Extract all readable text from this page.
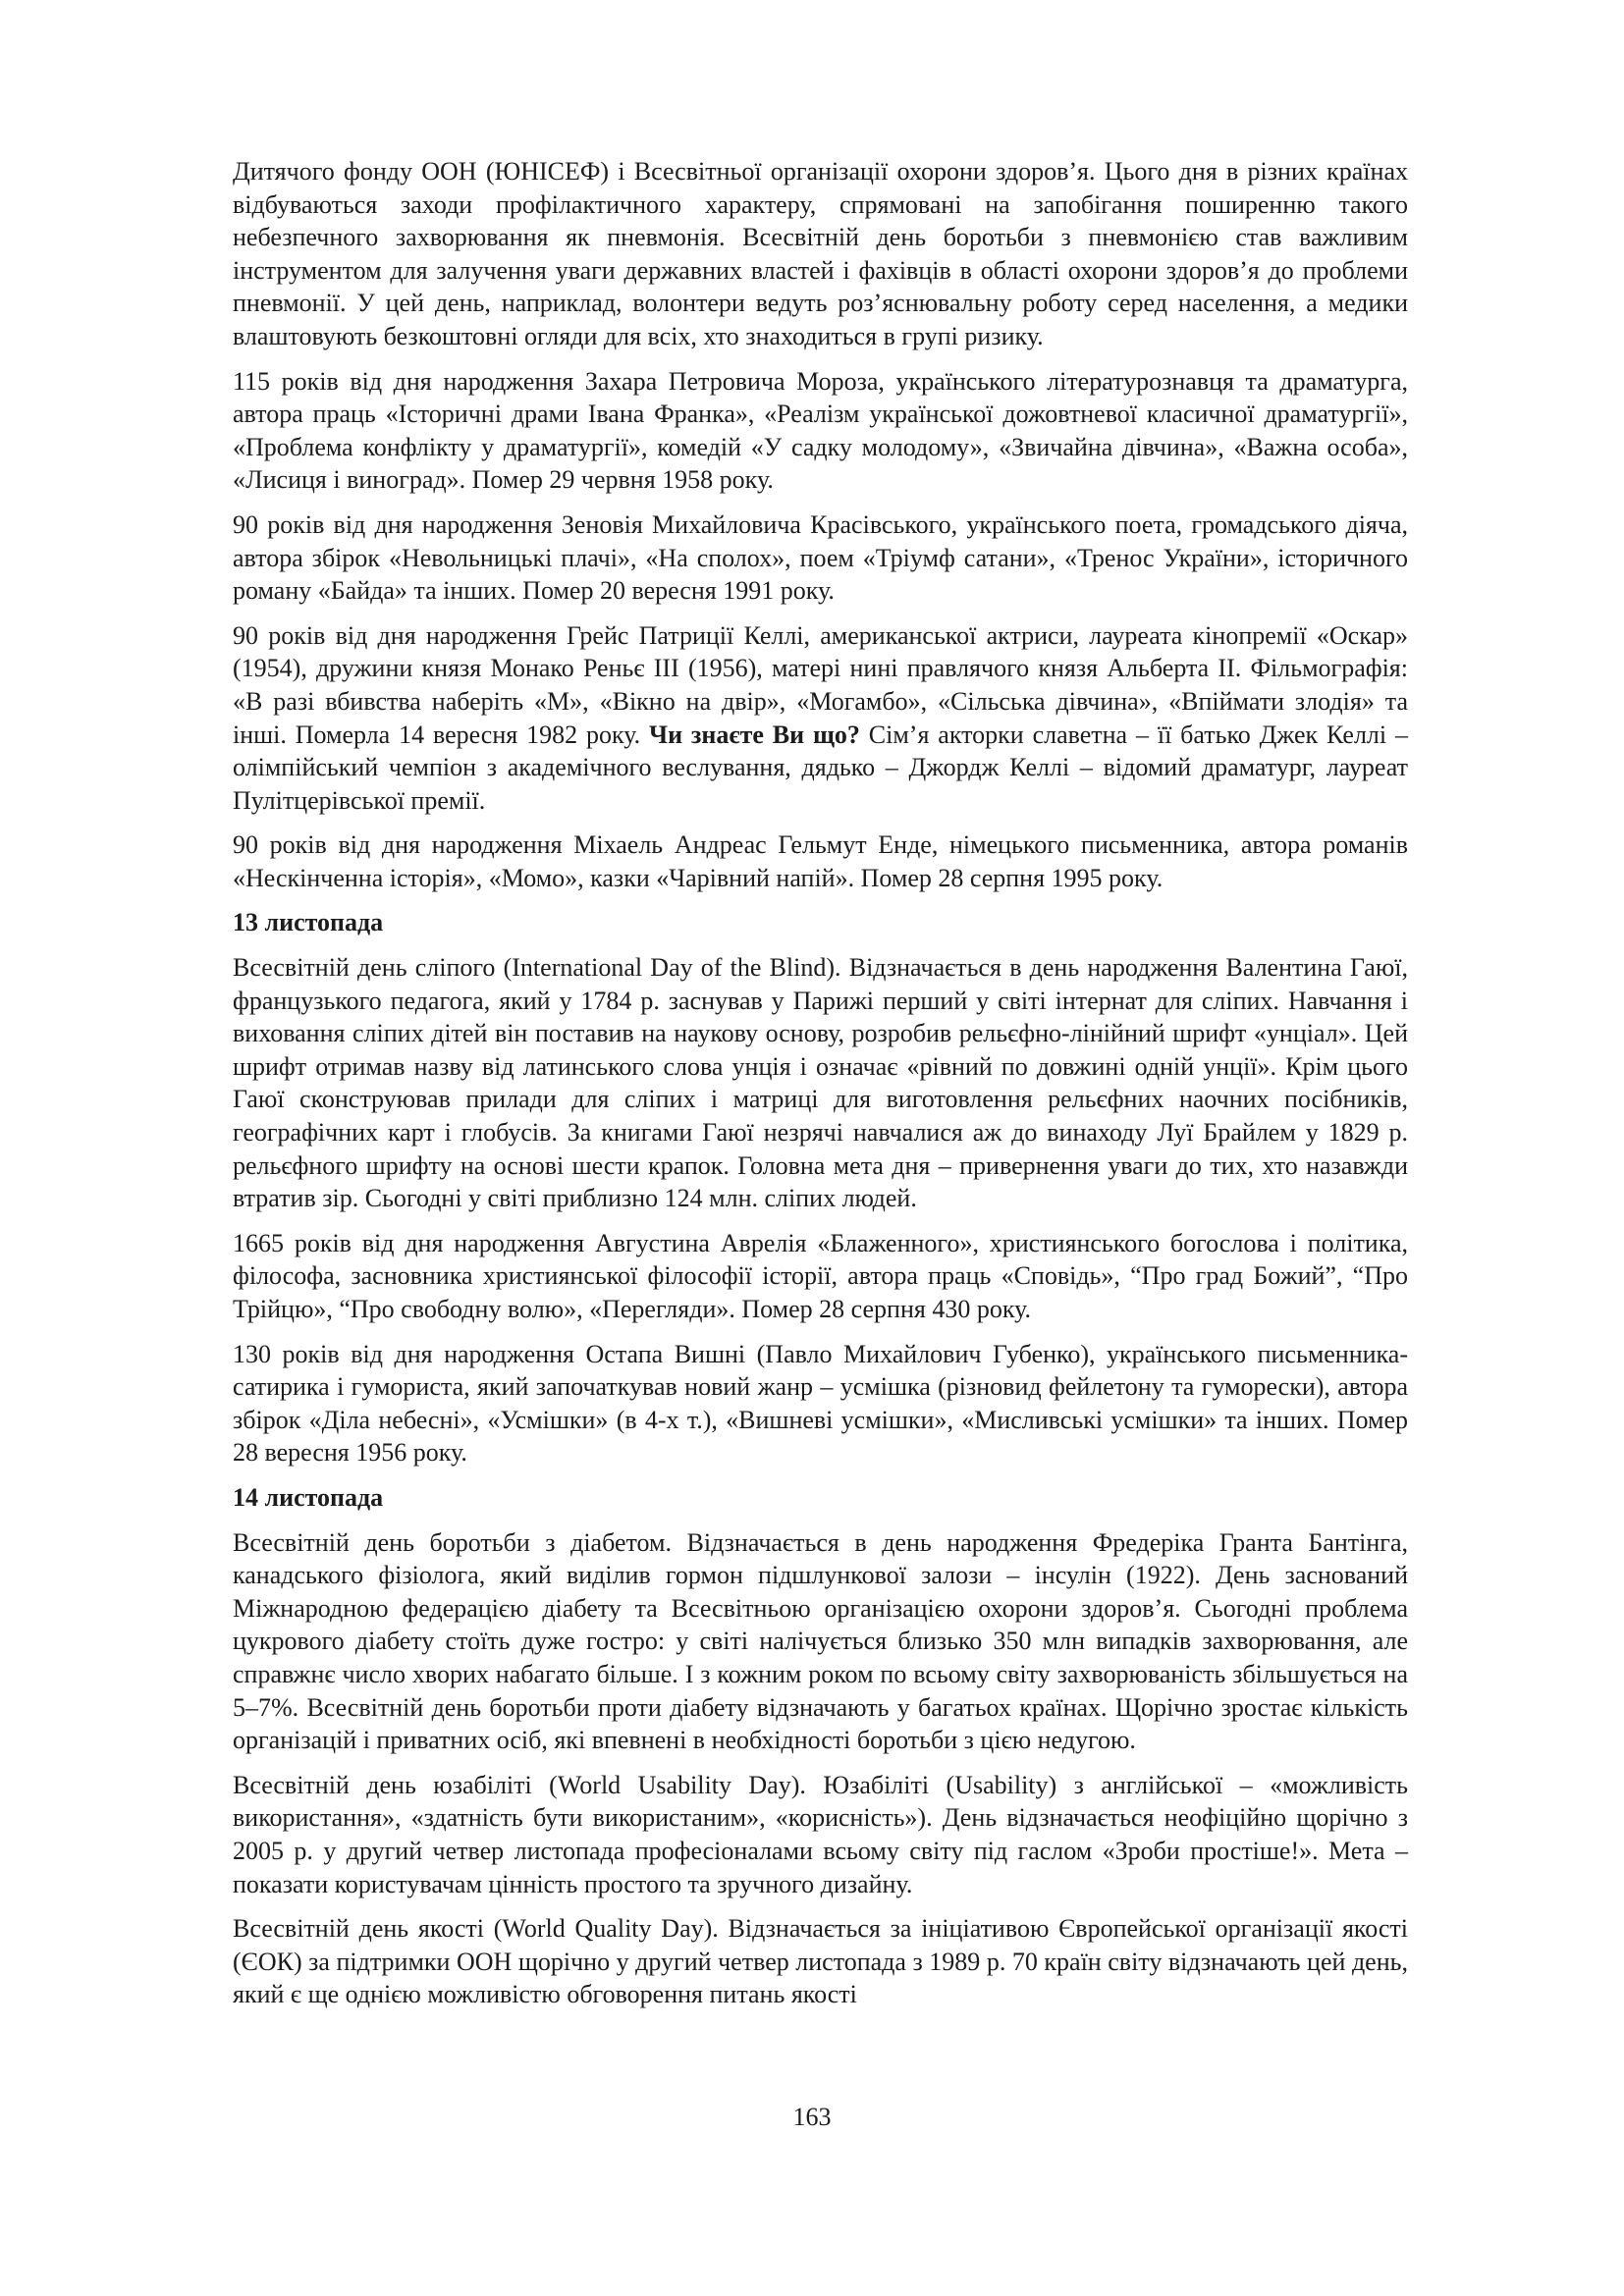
Дитячого фонду ООН (ЮНІСЕФ) і Всесвітньої організації охорони здоров’я. Цього дня в різних країнах відбуваються заходи профілактичного характеру, спрямовані на запобігання поширенню такого небезпечного захворювання як пневмонія. Всесвітній день боротьби з пневмонією став важливим інструментом для залучення уваги державних властей і фахівців в області охорони здоров’я до проблеми пневмонії. У цей день, наприклад, волонтери ведуть роз’яснювальну роботу серед населення, а медики влаштовують безкоштовні огляди для всіх, хто знаходиться в групі ризику.

115 років від дня народження Захара Петровича Мороза, українського літературознавця та драматурга, автора праць «Історичні драми Івана Франка», «Реалізм української дожовтневої класичної драматургії», «Проблема конфлікту у драматургії», комедій «У садку молодому», «Звичайна дівчина», «Важна особа», «Лисиця і виноград». Помер 29 червня 1958 року.

90 років від дня народження Зеновія Михайловича Красівського, українського поета, громадського діяча, автора збірок «Невольницькі плачі», «На сполох», поем «Тріумф сатани», «Тренос України», історичного роману «Байда» та інших. Помер 20 вересня 1991 року.

90 років від дня народження Грейс Патриції Келлі, американської актриси, лауреата кінопремії «Оскар» (1954), дружини князя Монако Реньє ІІІ (1956), матері нині правлячого князя Альберта ІІ. Фільмографія: «В разі вбивства наберіть «М», «Вікно на двір», «Могамбо», «Сільська дівчина», «Впіймати злодія» та інші. Померла 14 вересня 1982 року. Чи знаєте Ви що? Сім’я акторки славетна – її батько Джек Келлі – олімпійський чемпіон з академічного веслування, дядько – Джордж Келлі – відомий драматург, лауреат Пулітцерівської премії.

90 років від дня народження Міхаель Андреас Гельмут Енде, німецького письменника, автора романів «Нескінченна історія», «Момо», казки «Чарівний напій». Помер 28 серпня 1995 року.

13 листопада

Всесвітній день сліпого (International Day of the Blind). Відзначається в день народження Валентина Гаюї, французького педагога, який у 1784 р. заснував у Парижі перший у світі інтернат для сліпих. Навчання і виховання сліпих дітей він поставив на наукову основу, розробив рельєфно-лінійний шрифт «унціал». Цей шрифт отримав назву від латинського слова унція і означає «рівний по довжині одній унції». Крім цього Гаюї сконструював прилади для сліпих і матриці для виготовлення рельєфних наочних посібників, географічних карт і глобусів. За книгами Гаюї незрячі навчалися аж до винаходу Луї Брайлем у 1829 р. рельєфного шрифту на основі шести крапок. Головна мета дня – привернення уваги до тих, хто назавжди втратив зір. Сьогодні у світі приблизно 124 млн. сліпих людей.

1665 років від дня народження Августина Аврелія «Блаженного», християнського богослова і політика, філософа, засновника християнської філософії історії, автора праць «Сповідь», “Про град Божий”, “Про Трійцю», “Про свободну волю», «Перегляди». Помер 28 серпня 430 року.

130 років від дня народження Остапа Вишні (Павло Михайлович Губенко), українського письменника-сатирика і гумориста, який започаткував новий жанр – усмішка (різновид фейлетону та гуморески), автора збірок «Діла небесні», «Усмішки» (в 4-х т.), «Вишневі усмішки», «Мисливські усмішки» та інших. Помер 28 вересня 1956 року.

14 листопада

Всесвітній день боротьби з діабетом. Відзначається в день народження Фредеріка Гранта Бантінга, канадського фізіолога, який виділив гормон підшлункової залози – інсулін (1922). День заснований Міжнародною федерацією діабету та Всесвітньою організацією охорони здоров’я. Сьогодні проблема цукрового діабету стоїть дуже гостро: у світі налічується близько 350 млн випадків захворювання, але справжнє число хворих набагато більше. І з кожним роком по всьому світу захворюваність збільшується на 5–7%. Всесвітній день боротьби проти діабету відзначають у багатьох країнах. Щорічно зростає кількість організацій і приватних осіб, які впевнені в необхідності боротьби з цією недугою.

Всесвітній день юзабіліті (World Usability Day). Юзабіліті (Usability) з англійської – «можливість використання», «здатність бути використаним», «корисність»). День відзначається неофіційно щорічно з 2005 р. у другий четвер листопада професіоналами всьому світу під гаслом «Зроби простіше!». Мета – показати користувачам цінність простого та зручного дизайну.

Всесвітній день якості (World Quality Day). Відзначається за ініціативою Європейської організації якості (ЄОК) за підтримки ООН щорічно у другий четвер листопада з 1989 р. 70 країн світу відзначають цей день, який є ще однією можливістю обговорення питань якості

163
